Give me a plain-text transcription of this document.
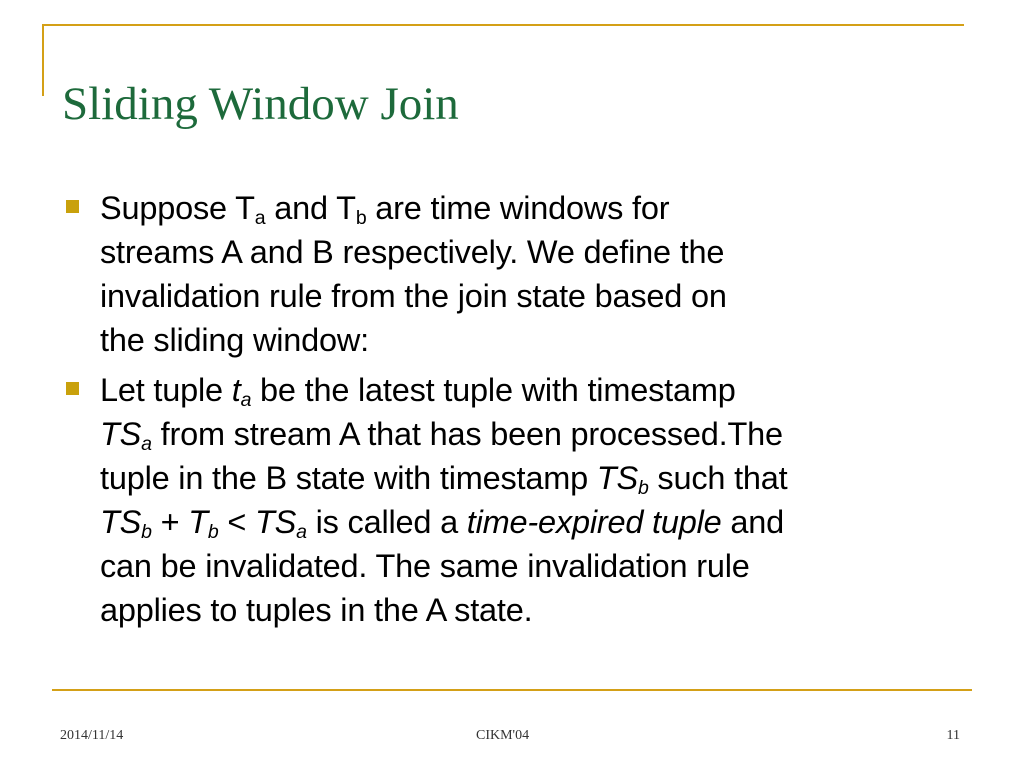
Sliding Window Join
Suppose $T_a$ and $T_b$ are time windows for
streams A and B respectively. We define the
invalidation rule from the join state based on
the sliding window:
Let tuple $t_a$ be the latest tuple with timestamp
$TS_a$ from stream A that has been processed.The
tuple in the B state with timestamp $TS_b$ such that
$TS_b + T_b < TS_a$ is called a time-expired tuple and
can be invalidated. The same invalidation rule
applies to tuples in the A state.
2014/11/14	CIKM'04	11
